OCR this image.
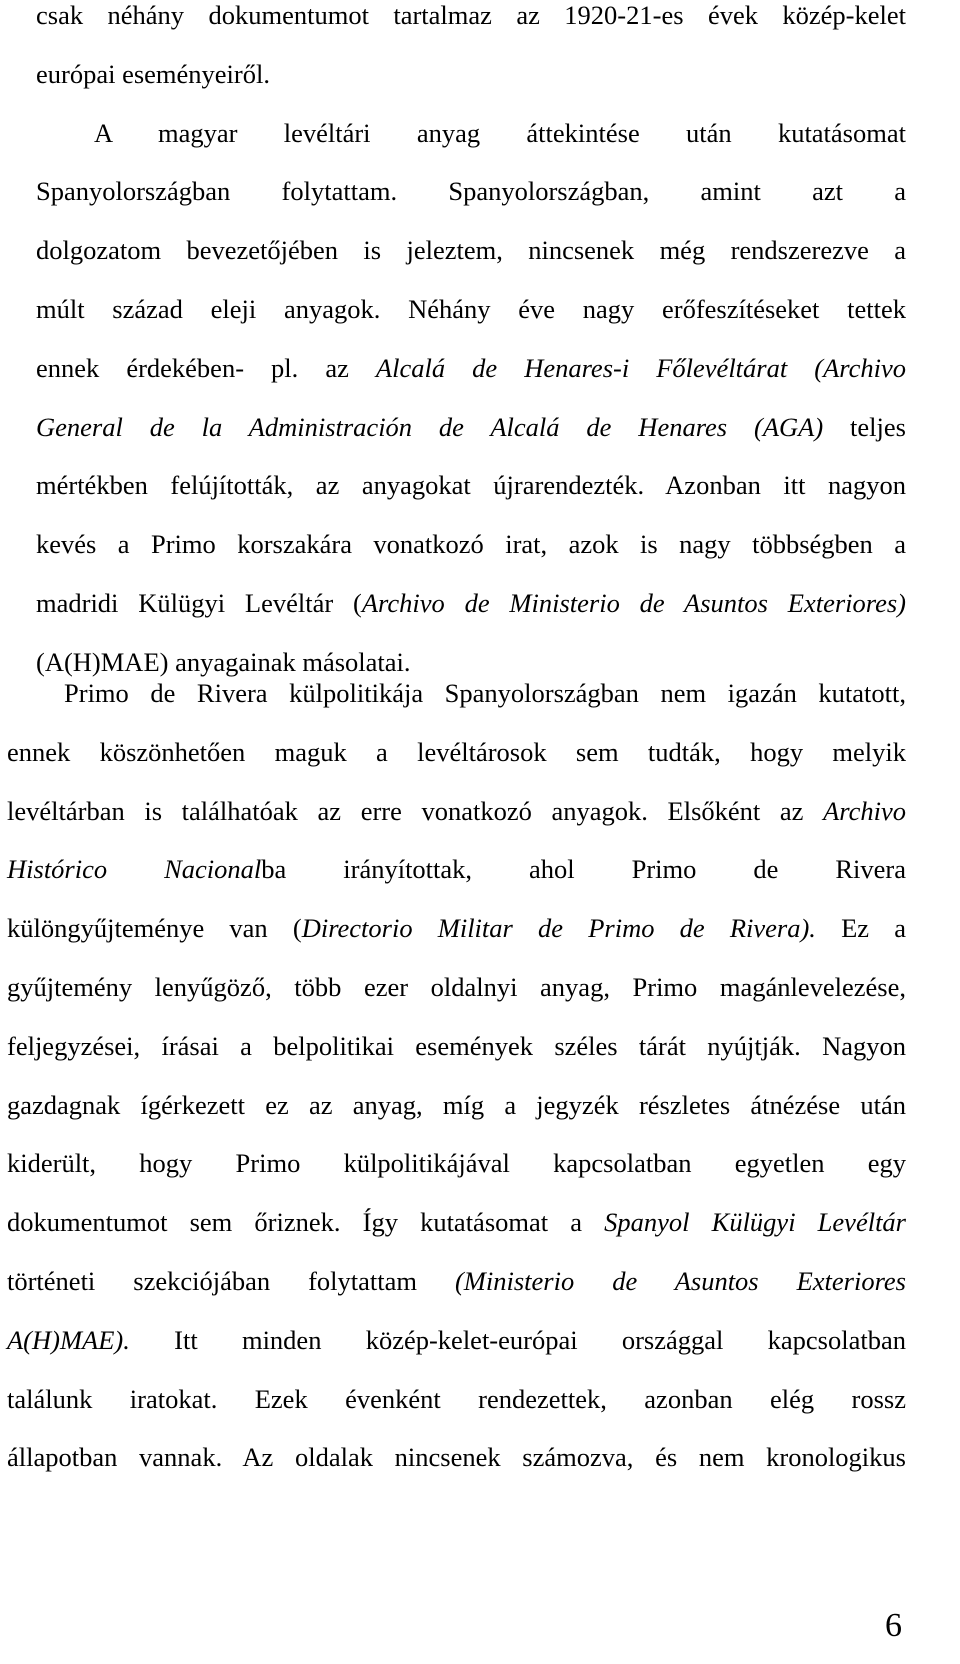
csak néhány dokumentumot tartalmaz az 1920-21-es évek közép-kelet
európai eseményeiről.
A magyar levéltári anyag áttekintése után kutatásomat
Spanyolországban folytattam. Spanyolországban, amint azt a
dolgozatom bevezetőjében is jeleztem, nincsenek még rendszerezve a
múlt század eleji anyagok. Néhány éve nagy erőfeszítéseket tettek
ennek érdekében- pl. az Alcalá de Henares-i Főlevéltárat (Archivo
General de la Administración de Alcalá de Henares (AGA) teljes
mértékben felújították, az anyagokat újrarendezték. Azonban itt nagyon
kevés a Primo korszakára vonatkozó irat, azok is nagy többségben a
madridi Külügyi Levéltár (Archivo de Ministerio de Asuntos Exteriores)
(A(H)MAE) anyagainak másolatai.
Primo de Rivera külpolitikája Spanyolországban nem igazán kutatott,
ennek köszönhetően maguk a levéltárosok sem tudták, hogy melyik
levéltárban is találhatóak az erre vonatkozó anyagok. Elsőként az Archivo
Histórico Nacionalba irányítottak, ahol Primo de Rivera
különgyűjteménye van (Directorio Militar de Primo de Rivera). Ez a
gyűjtemény lenyűgöző, több ezer oldalnyi anyag, Primo magánlevelezése,
feljegyzései, írásai a belpolitikai események széles tárát nyújtják. Nagyon
gazdagnak ígérkezett ez az anyag, míg a jegyzék részletes átnézése után
kiderült, hogy Primo külpolitikájával kapcsolatban egyetlen egy
dokumentumot sem őriznek. Így kutatásomat a Spanyol Külügyi Levéltár
történeti szekciójában folytattam (Ministerio de Asuntos Exteriores
A(H)MAE). Itt minden közép-kelet-európai országgal kapcsolatban
találunk iratokat. Ezek évenként rendezettek, azonban elég rossz
állapotban vannak. Az oldalak nincsenek számozva, és nem kronologikus
6
